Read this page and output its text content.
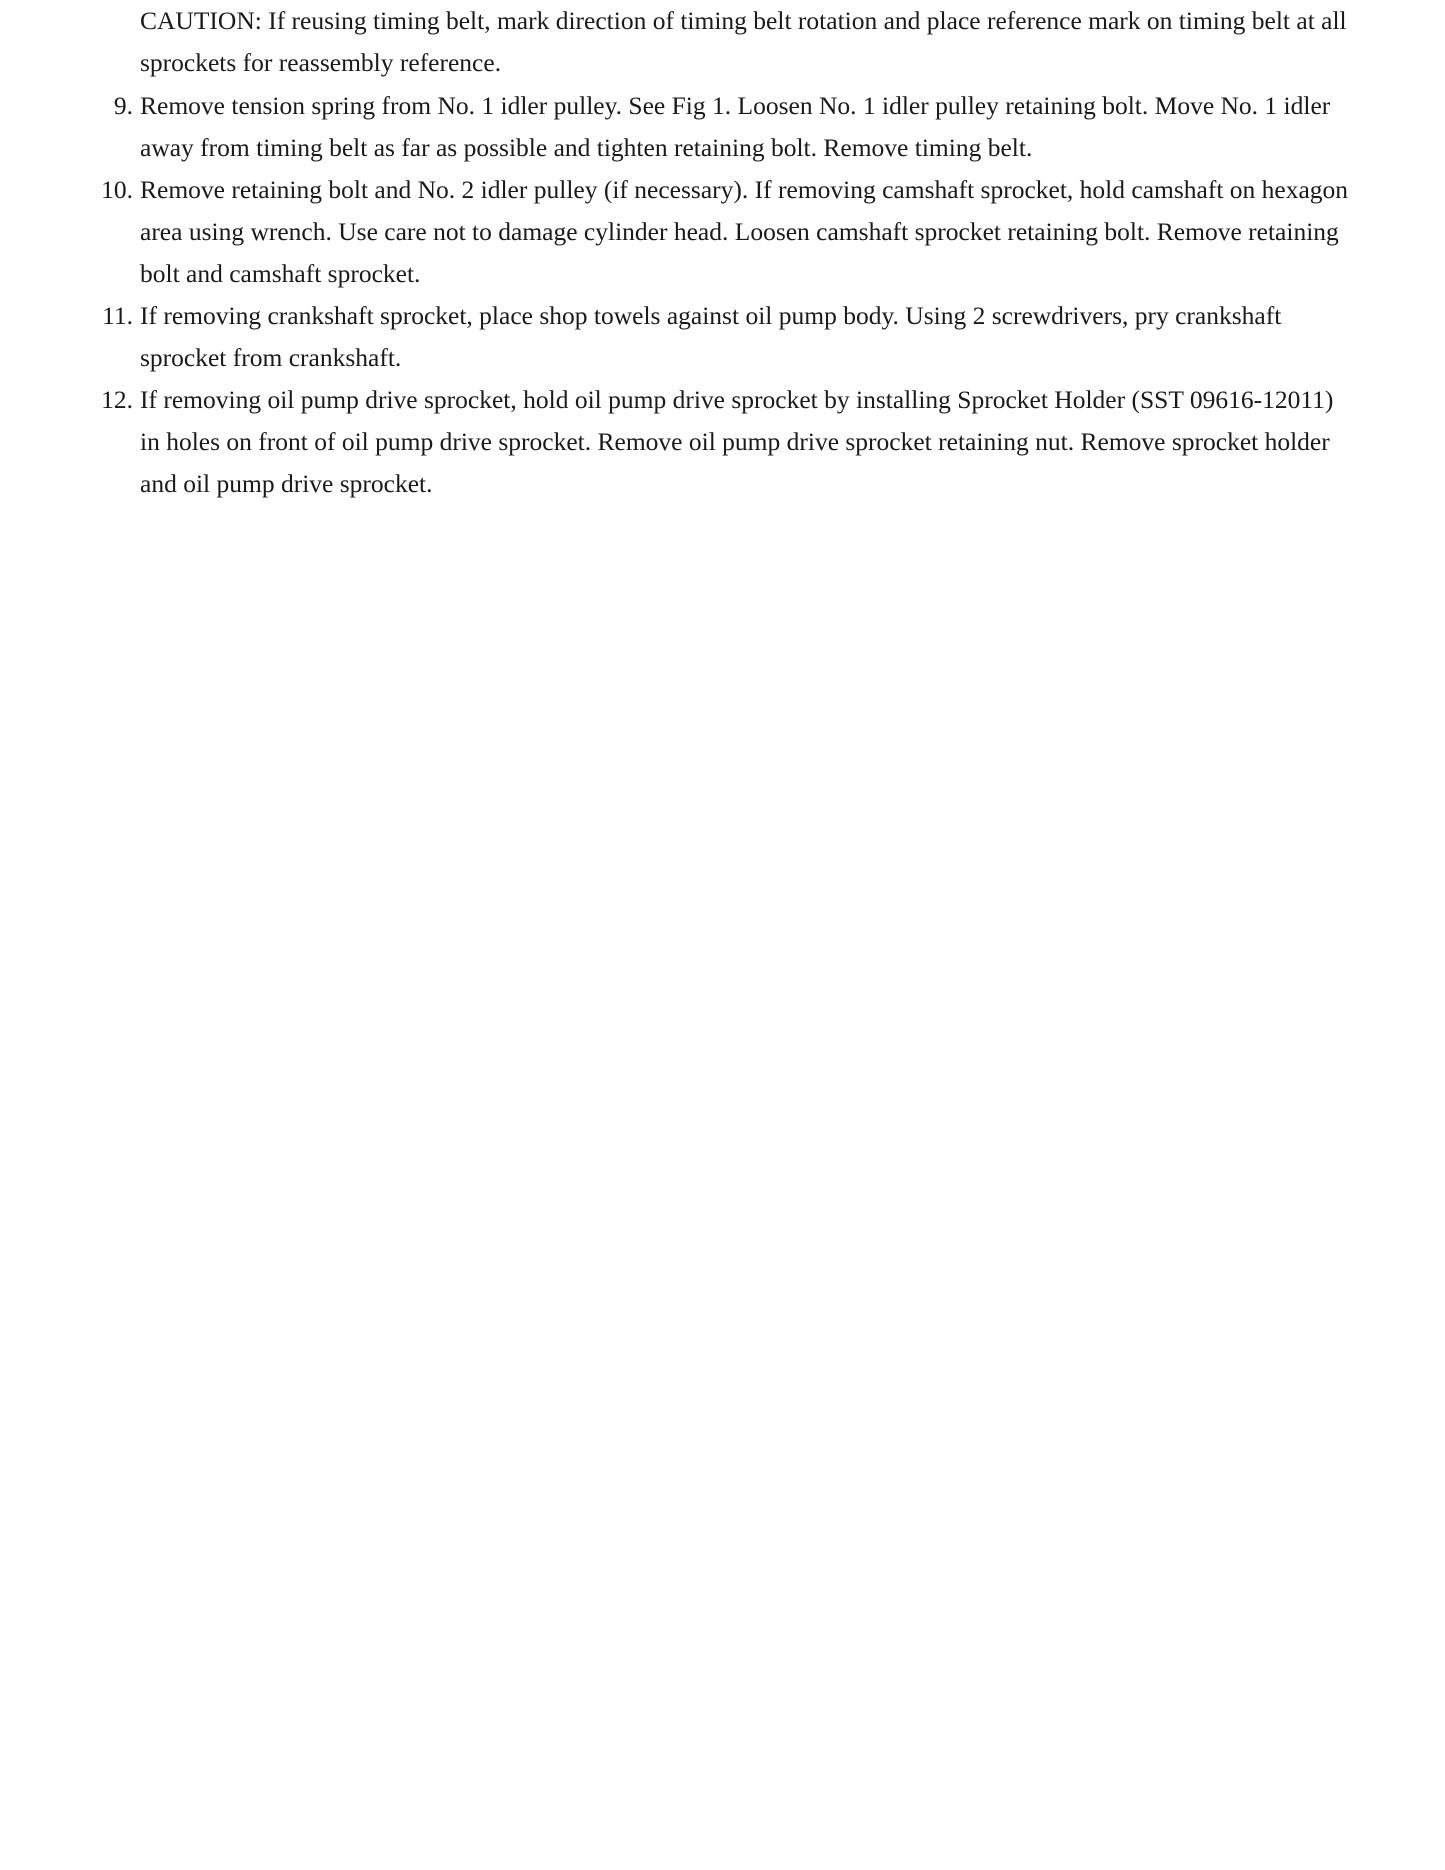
CAUTION: If reusing timing belt, mark direction of timing belt rotation and place reference mark on timing belt at all sprockets for reassembly reference.

9. Remove tension spring from No. 1 idler pulley. See Fig 1. Loosen No. 1 idler pulley retaining bolt. Move No. 1 idler away from timing belt as far as possible and tighten retaining bolt. Remove timing belt.
10. Remove retaining bolt and No. 2 idler pulley (if necessary). If removing camshaft sprocket, hold camshaft on hexagon area using wrench. Use care not to damage cylinder head. Loosen camshaft sprocket retaining bolt. Remove retaining bolt and camshaft sprocket.
11. If removing crankshaft sprocket, place shop towels against oil pump body. Using 2 screwdrivers, pry crankshaft sprocket from crankshaft.
12. If removing oil pump drive sprocket, hold oil pump drive sprocket by installing Sprocket Holder (SST 09616-12011) in holes on front of oil pump drive sprocket. Remove oil pump drive sprocket retaining nut. Remove sprocket holder and oil pump drive sprocket.
